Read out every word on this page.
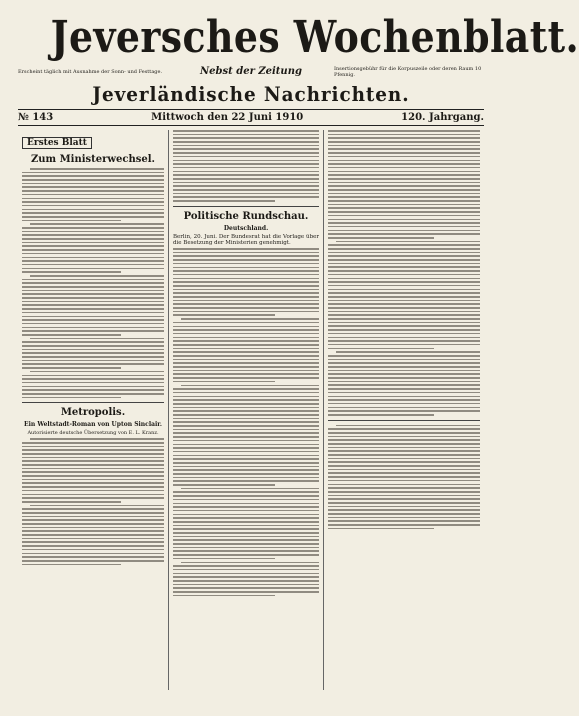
Jeversches Wochenblatt.
Erscheint täglich mit Ausnahme der Sonn- und Festtage.	Nebst der Zeitung	Insertionsgebühr für die Korpuszeile oder deren Raum 10 Pfennig.
Jeverländische Nachrichten.
№ 143	Mittwoch den 22 Juni 1910	120. Jahrgang.
Erstes Blatt
Zum Ministerwechsel.
Metropolis.
Ein Weltstadt-Roman von Upton Sinclair.
Autorisierte deutsche Übersetzung von E. L. Kranz.
Politische Rundschau.
Deutschland.

Berlin, 20. Juni. Der Bundesrat hat die Vorlage über die Besetzung der Ministerien genehmigt.
